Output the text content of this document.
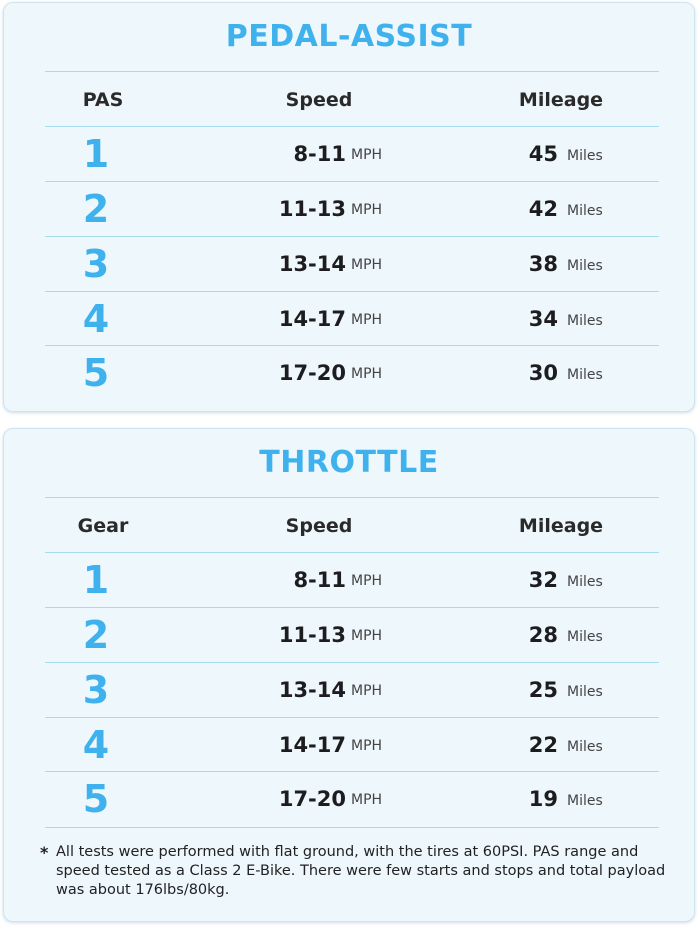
PEDAL-ASSIST
PAS	Speed	Mileage
1	8-11 MPH	45 Miles
2	11-13 MPH	42 Miles
3	13-14 MPH	38 Miles
4	14-17 MPH	34 Miles
5	17-20 MPH	30 Miles
THROTTLE
Gear	Speed	Mileage
1	8-11 MPH	32 Miles
2	11-13 MPH	28 Miles
3	13-14 MPH	25 Miles
4	14-17 MPH	22 Miles
5	17-20 MPH	19 Miles
* All tests were performed with flat ground, with the tires at 60PSI. PAS range and speed tested as a Class 2 E-Bike. There were few starts and stops and total payload was about 176lbs/80kg.
